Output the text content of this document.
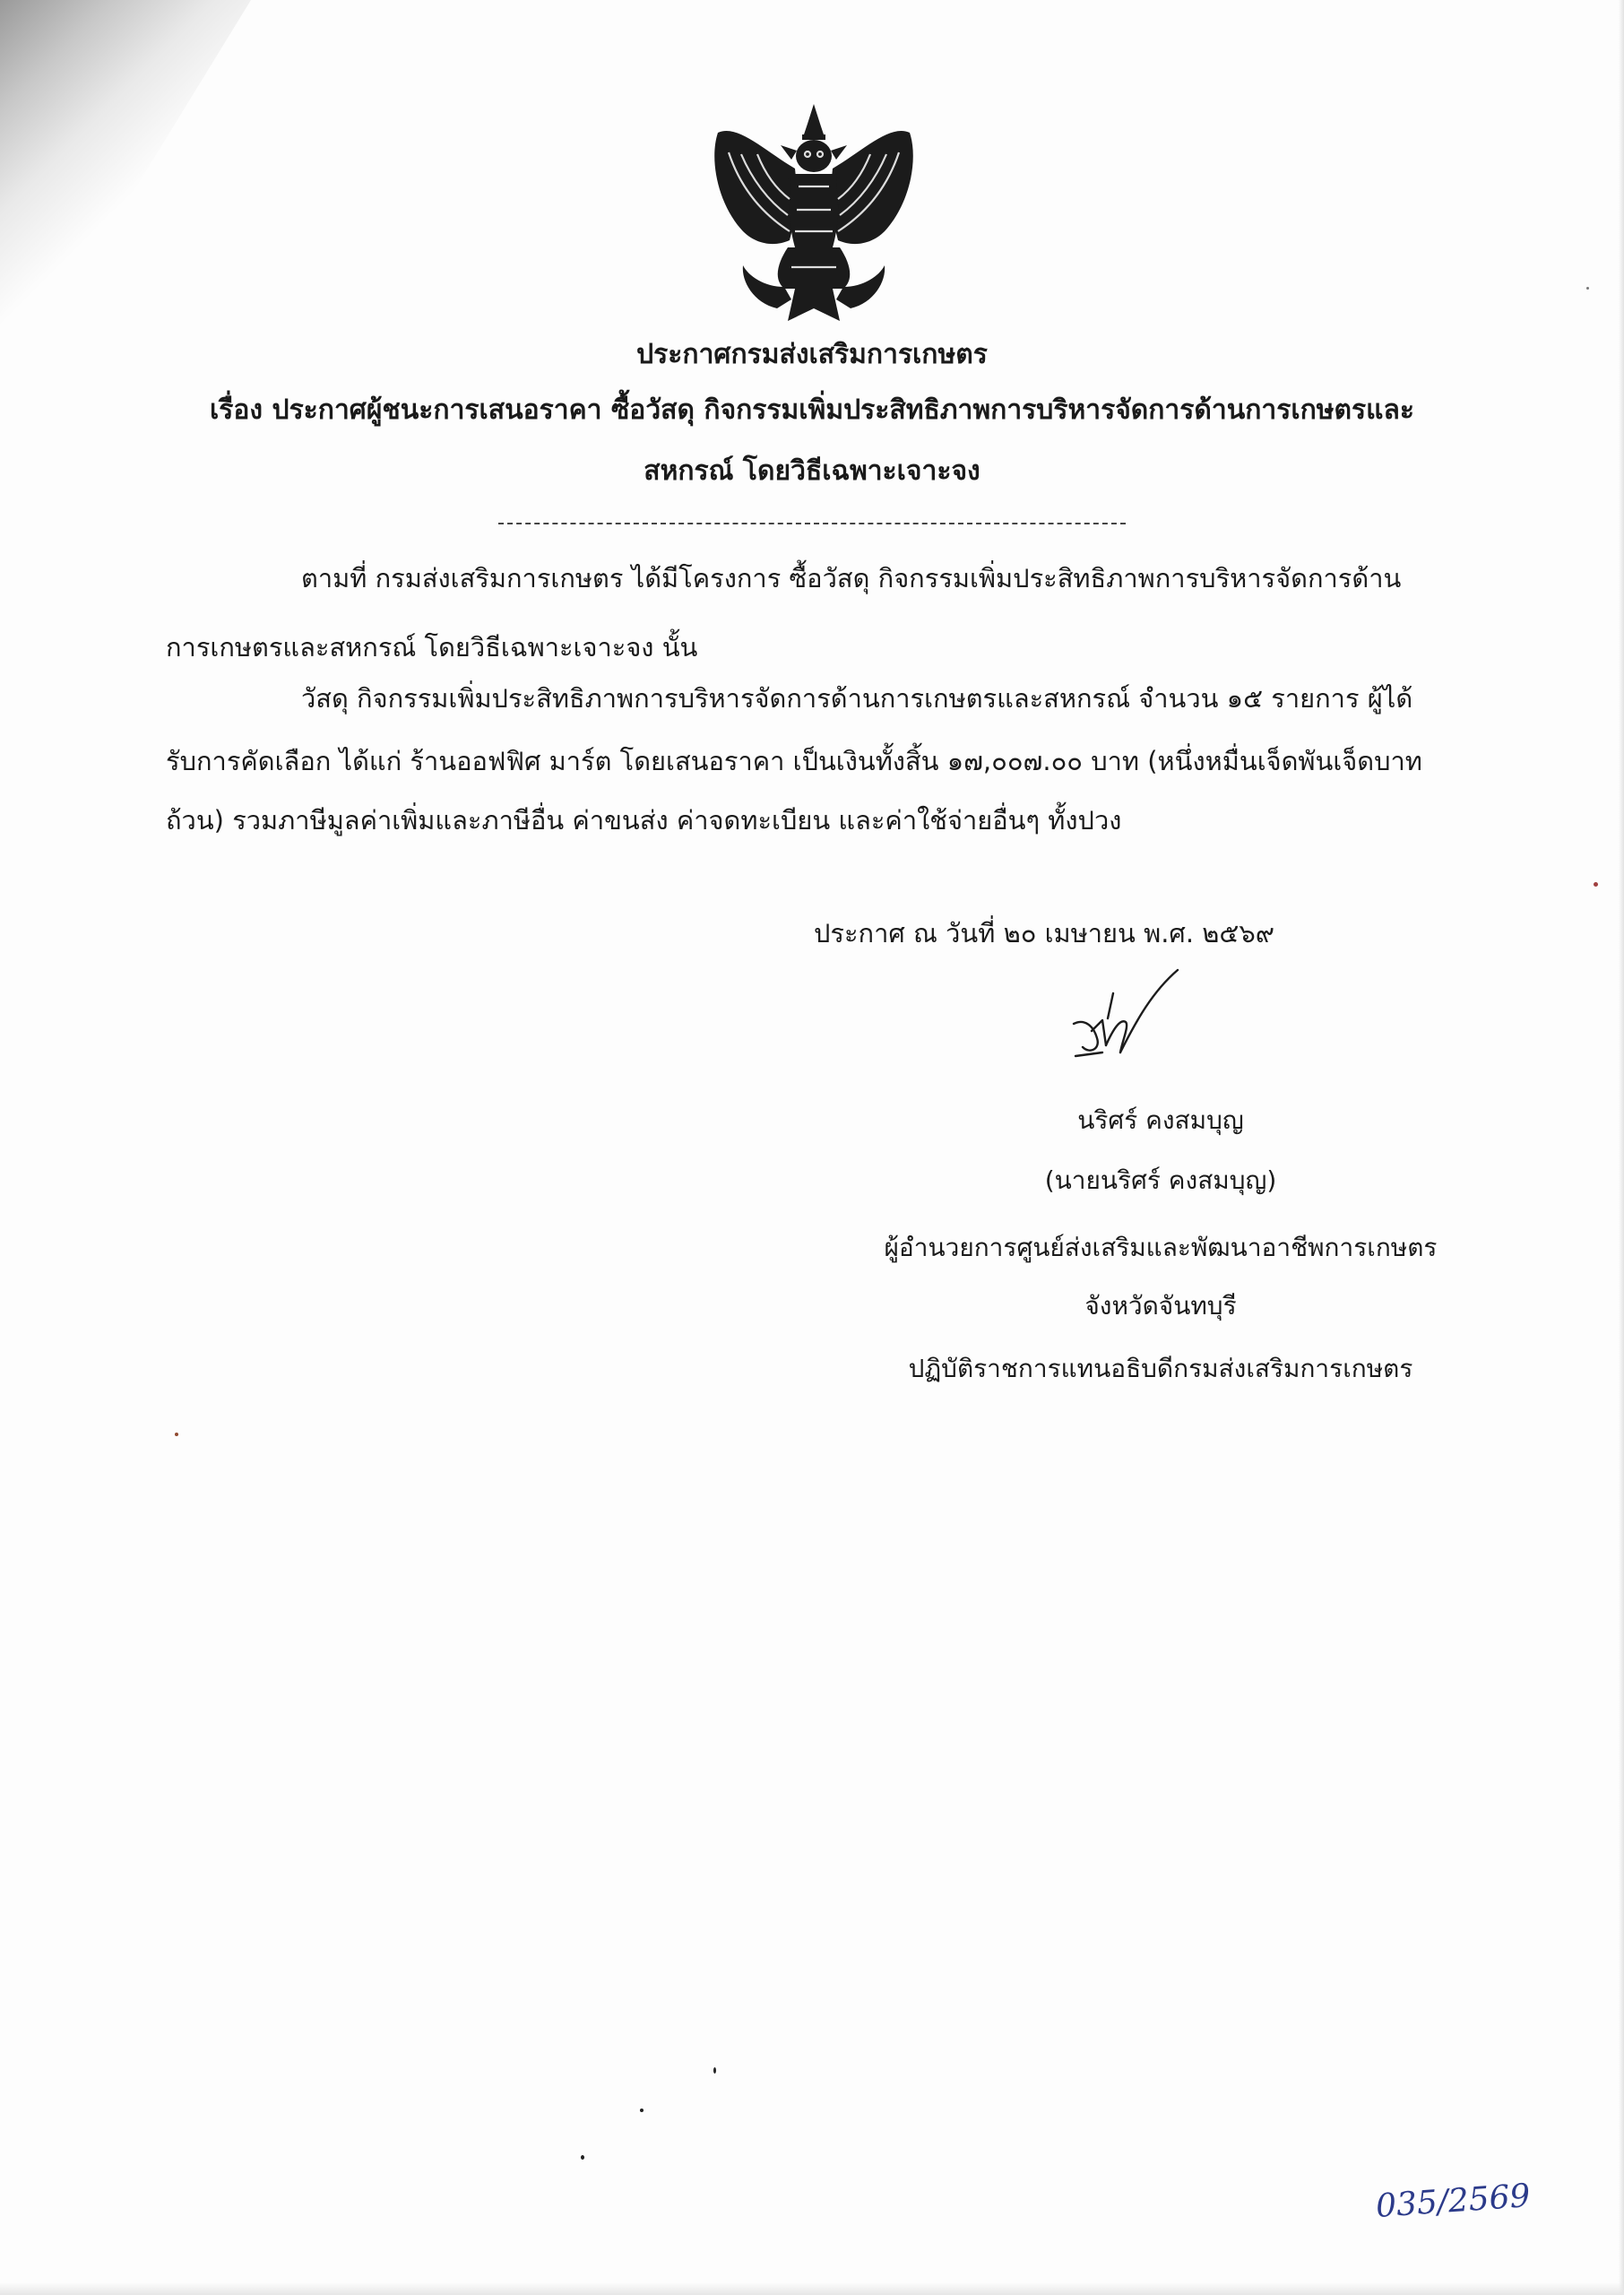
ประกาศกรมส่งเสริมการเกษตร
เรื่อง ประกาศผู้ชนะการเสนอราคา ซื้อวัสดุ กิจกรรมเพิ่มประสิทธิภาพการบริหารจัดการด้านการเกษตรและ
สหกรณ์ โดยวิธีเฉพาะเจาะจง
ตามที่ กรมส่งเสริมการเกษตร ได้มีโครงการ ซื้อวัสดุ กิจกรรมเพิ่มประสิทธิภาพการบริหารจัดการด้าน
การเกษตรและสหกรณ์ โดยวิธีเฉพาะเจาะจง นั้น
วัสดุ กิจกรรมเพิ่มประสิทธิภาพการบริหารจัดการด้านการเกษตรและสหกรณ์ จำนวน ๑๕ รายการ ผู้ได้
รับการคัดเลือก ได้แก่ ร้านออฟฟิศ มาร์ต โดยเสนอราคา เป็นเงินทั้งสิ้น ๑๗,๐๐๗.๐๐ บาท (หนึ่งหมื่นเจ็ดพันเจ็ดบาท
ถ้วน) รวมภาษีมูลค่าเพิ่มและภาษีอื่น ค่าขนส่ง ค่าจดทะเบียน และค่าใช้จ่ายอื่นๆ ทั้งปวง
ประกาศ ณ วันที่ ๒๐ เมษายน พ.ศ. ๒๕๖๙
นริศร์ คงสมบุญ
(นายนริศร์ คงสมบุญ)
ผู้อำนวยการศูนย์ส่งเสริมและพัฒนาอาชีพการเกษตร
จังหวัดจันทบุรี
ปฏิบัติราชการแทนอธิบดีกรมส่งเสริมการเกษตร
035/2569
